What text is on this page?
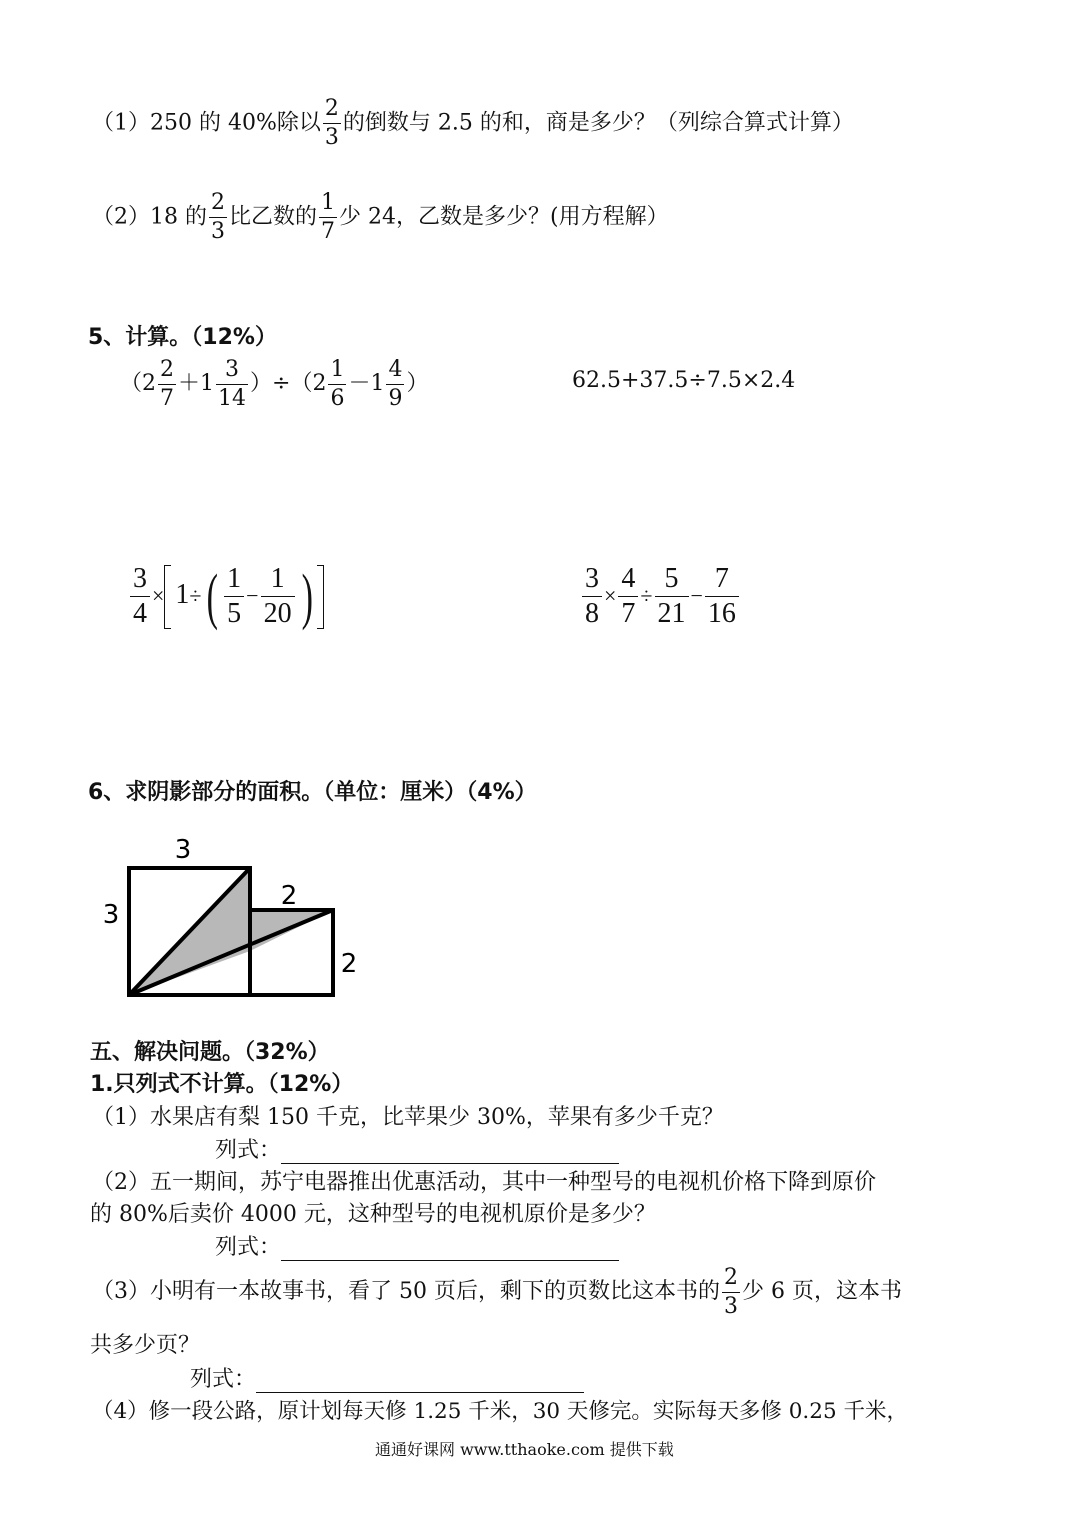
（1）250 的 40%除以 $\frac{2}{3}$ 的倒数与 2.5 的和，商是多少？（列综合算式计算）
（2）18 的 $\frac{2}{3}$ 比乙数的 $\frac{1}{7}$ 少 24，乙数是多少？(用方程解）
5、计算。（12%）
$(2 \frac{2}{7} +1 \frac{3}{14} )\div(2 \frac{1}{6} -1 \frac{4}{9}$ ）	62.5+37.5÷7.5×2.4
$\frac{3}{4} \times 1\div( \frac{1}{5} - \frac{1}{20}$ )	$\frac{3}{8} \times \frac{4}{7} \div \frac{5}{21} - \frac{7}{16}$
6、求阴影部分的面积。（单位：厘米）（4%）
3
3
2
2
五、解决问题。（32%）
1.只列式不计算。（12%）
（1）水果店有梨 150 千克，比苹果少 30%，苹果有多少千克？
列式：
（2）五一期间，苏宁电器推出优惠活动，其中一种型号的电视机价格下降到原价
的 80%后卖价 4000 元，这种型号的电视机原价是多少？
列式：
（3）小明有一本故事书，看了 50 页后，剩下的页数比这本书的 $\frac{2}{3}$ 少 6 页，这本书
共多少页？
列式：
（4）修一段公路，原计划每天修 1.25 千米，30 天修完。实际每天多修 0.25 千米，
通通好课网 www.tthaoke.com 提供下载
